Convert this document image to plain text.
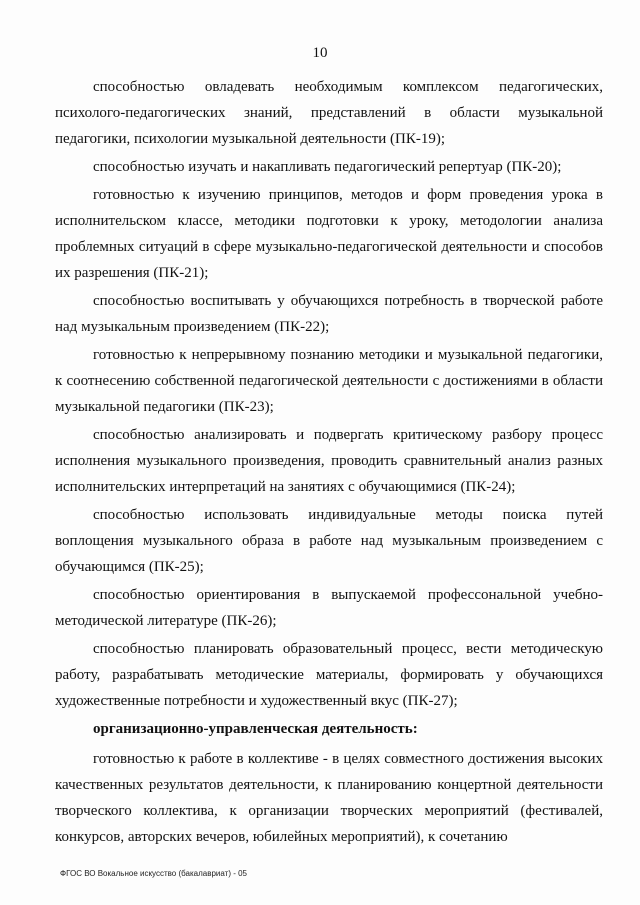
10

способностью овладевать необходимым комплексом педагогических, психолого-педагогических знаний, представлений в области музыкальной педагогики, психологии музыкальной деятельности (ПК-19);

способностью изучать и накапливать педагогический репертуар (ПК-20);

готовностью к изучению принципов, методов и форм проведения урока в исполнительском классе, методики подготовки к уроку, методологии анализа проблемных ситуаций в сфере музыкально-педагогической деятельности и способов их разрешения (ПК-21);

способностью воспитывать у обучающихся потребность в творческой работе над музыкальным произведением (ПК-22);

готовностью к непрерывному познанию методики и музыкальной педагогики, к соотнесению собственной педагогической деятельности с достижениями в области музыкальной педагогики (ПК-23);

способностью анализировать и подвергать критическому разбору процесс исполнения музыкального произведения, проводить сравнительный анализ разных исполнительских интерпретаций на занятиях с обучающимися (ПК-24);

способностью использовать индивидуальные методы поиска путей воплощения музыкального образа в работе над музыкальным произведением с обучающимся (ПК-25);

способностью ориентирования в выпускаемой профессональной учебно-методической литературе (ПК-26);

способностью планировать образовательный процесс, вести методическую работу, разрабатывать методические материалы, формировать у обучающихся художественные потребности и художественный вкус (ПК-27);

организационно-управленческая деятельность:

готовностью к работе в коллективе - в целях совместного достижения высоких качественных результатов деятельности, к планированию концертной деятельности творческого коллектива, к организации творческих мероприятий (фестивалей, конкурсов, авторских вечеров, юбилейных мероприятий), к сочетанию

ФГОС ВО Вокальное искусство (бакалавриат) - 05
